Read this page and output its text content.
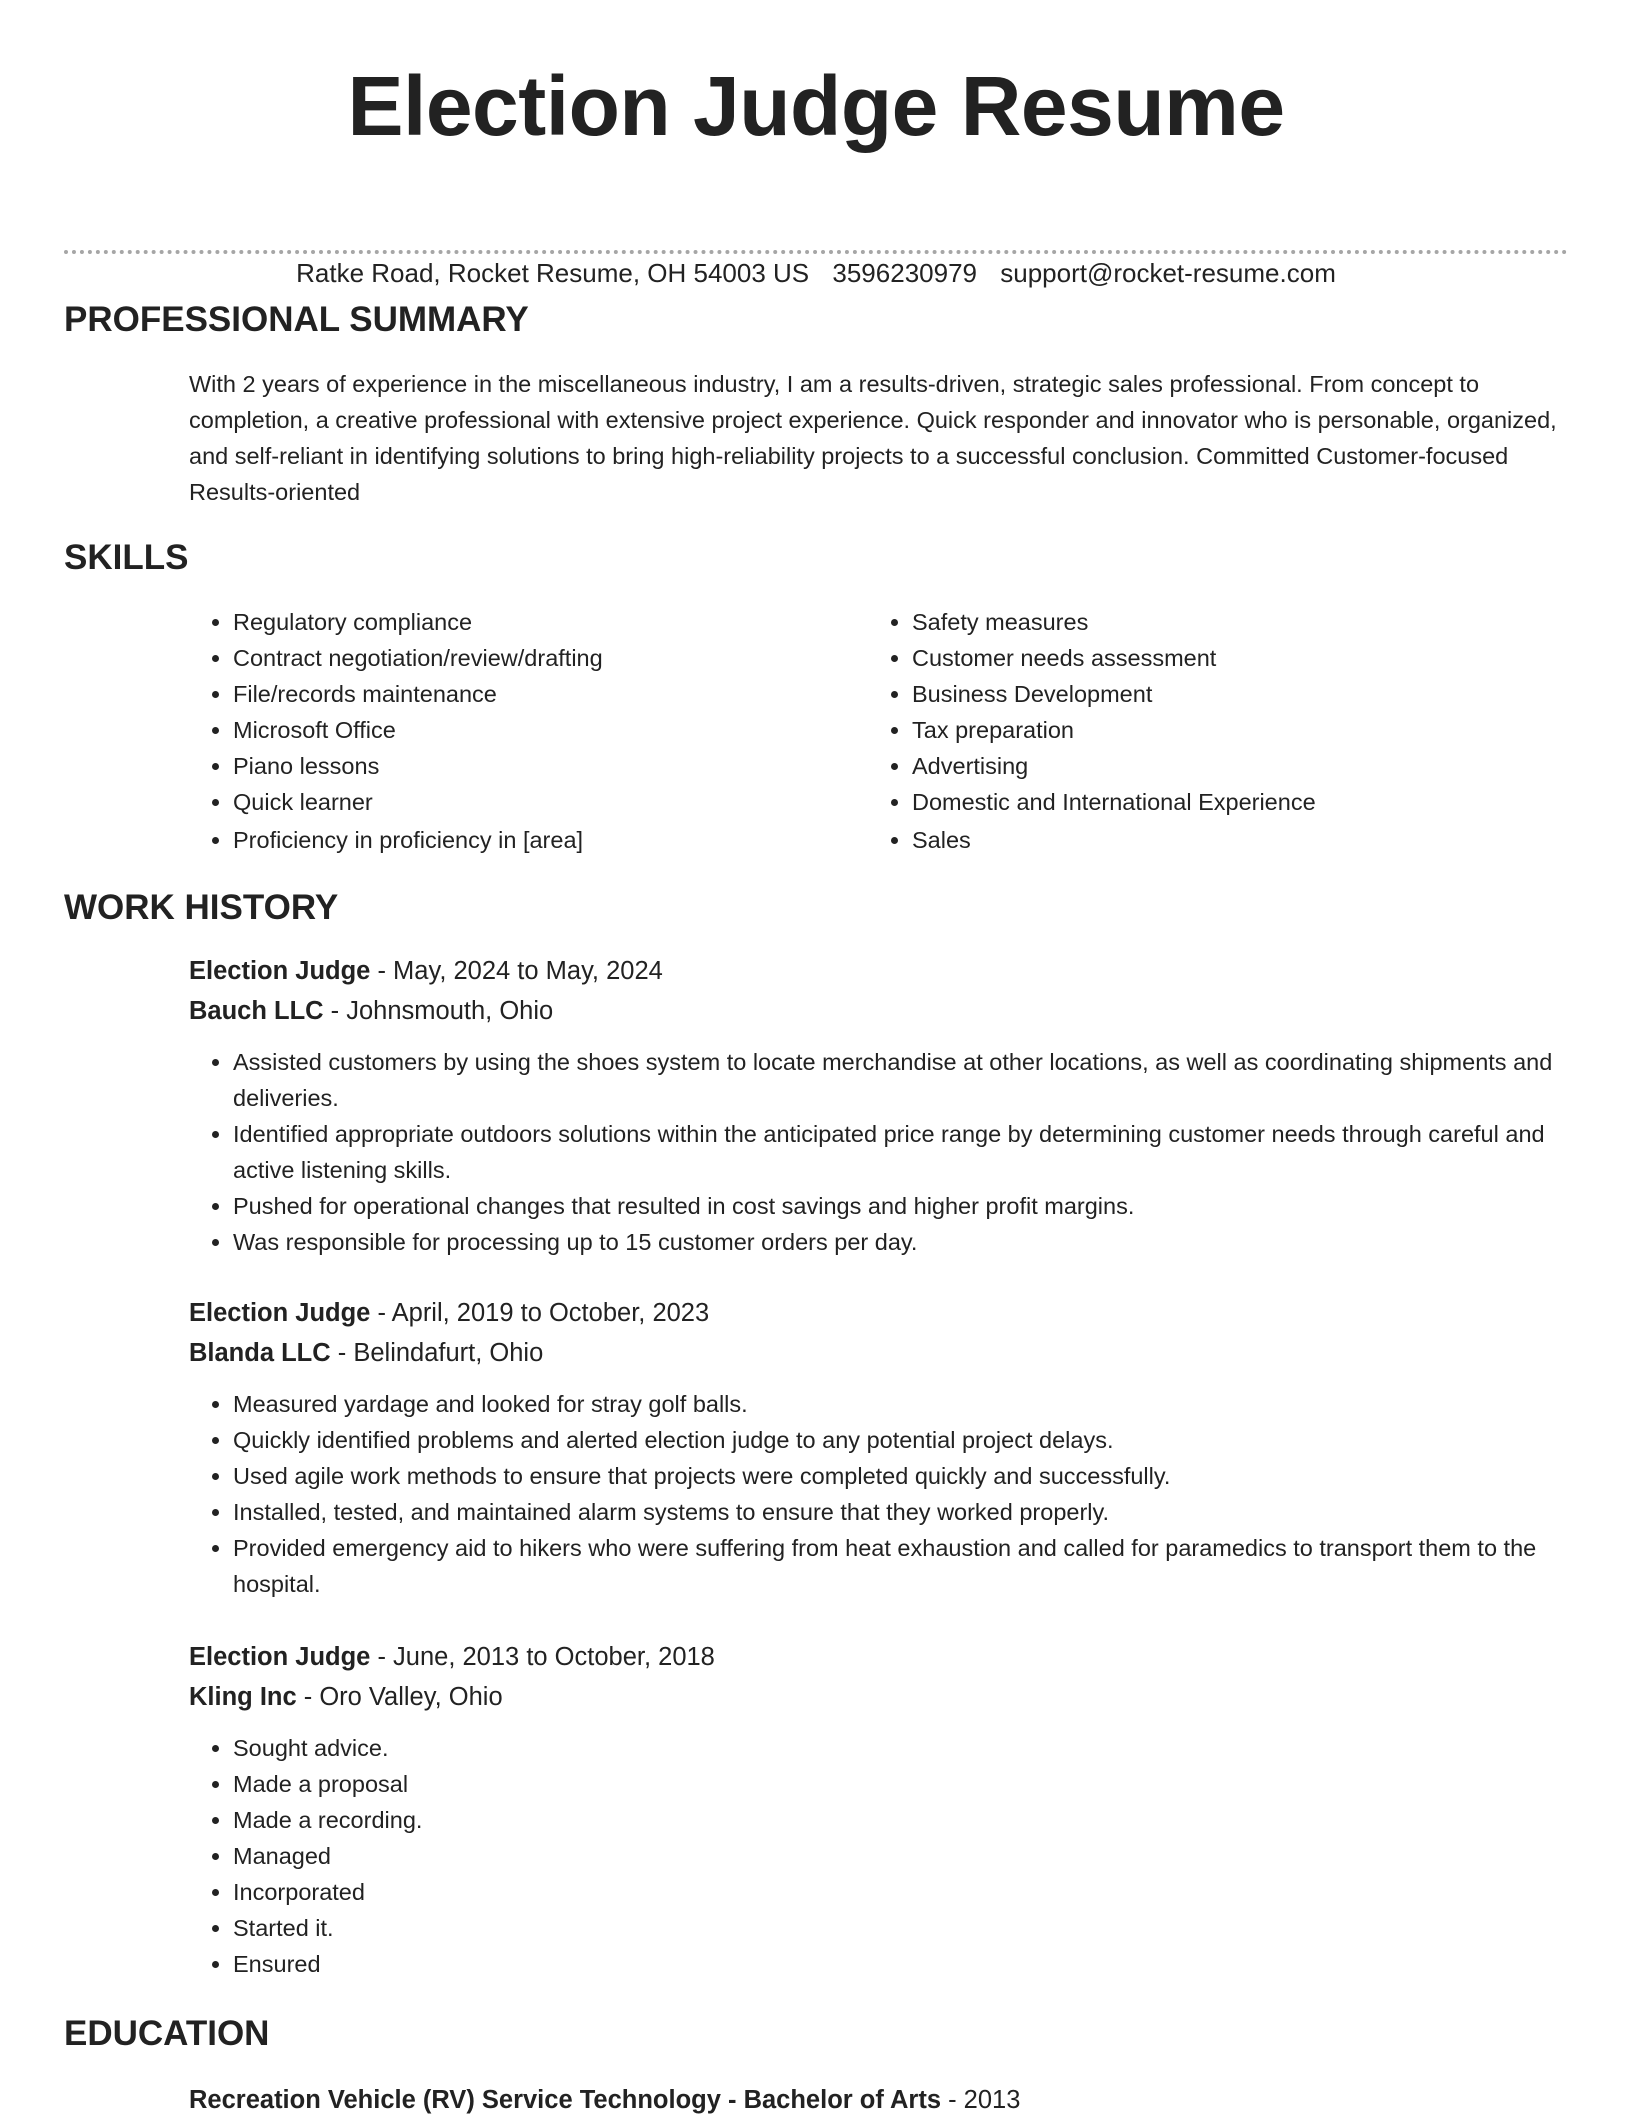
Election Judge Resume
Ratke Road, Rocket Resume, OH 54003 US 3596230979 support@rocket-resume.com
PROFESSIONAL SUMMARY

With 2 years of experience in the miscellaneous industry, I am a results-driven, strategic sales professional. From concept to completion, a creative professional with extensive project experience. Quick responder and innovator who is personable, organized, and self-reliant in identifying solutions to bring high-reliability projects to a successful conclusion. Committed Customer-focused Results-oriented

SKILLS
• Regulatory compliance
• Contract negotiation/review/drafting
• File/records maintenance
• Microsoft Office
• Piano lessons
• Quick learner
• Proficiency in proficiency in [area]
• Safety measures
• Customer needs assessment
• Business Development
• Tax preparation
• Advertising
• Domestic and International Experience
• Sales
WORK HISTORY

Election Judge - May, 2024 to May, 2024

Bauch LLC - Johnsmouth, Ohio

• Assisted customers by using the shoes system to locate merchandise at other locations, as well as coordinating shipments and deliveries.
• Identified appropriate outdoors solutions within the anticipated price range by determining customer needs through careful and active listening skills.
• Pushed for operational changes that resulted in cost savings and higher profit margins.
• Was responsible for processing up to 15 customer orders per day.

Election Judge - April, 2019 to October, 2023

Blanda LLC - Belindafurt, Ohio

• Measured yardage and looked for stray golf balls.
• Quickly identified problems and alerted election judge to any potential project delays.
• Used agile work methods to ensure that projects were completed quickly and successfully.
• Installed, tested, and maintained alarm systems to ensure that they worked properly.
• Provided emergency aid to hikers who were suffering from heat exhaustion and called for paramedics to transport them to the hospital.

Election Judge - June, 2013 to October, 2018

Kling Inc - Oro Valley, Ohio

• Sought advice.
• Made a proposal
• Made a recording.
• Managed
• Incorporated
• Started it.
• Ensured
EDUCATION

Recreation Vehicle (RV) Service Technology - Bachelor of Arts - 2013
